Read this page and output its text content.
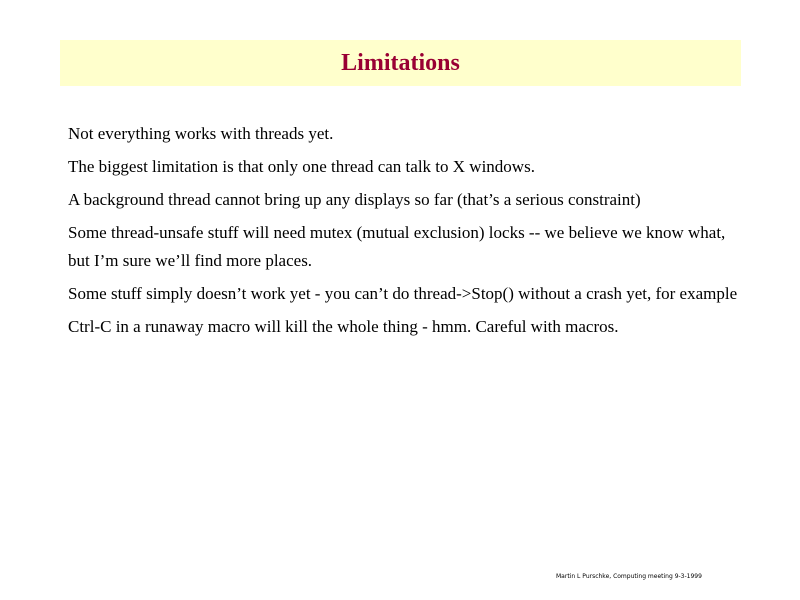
Limitations

Not everything works with threads yet.

The biggest limitation is that only one thread can talk to X windows.

A background thread cannot bring up any displays so far (that’s a serious constraint)

Some thread-unsafe stuff will need mutex (mutual exclusion) locks -- we believe we know what, but I’m sure we’ll find more places.

Some stuff simply doesn’t work yet - you can’t do thread->Stop() without a crash yet, for example

Ctrl-C in a runaway macro will kill the whole thing - hmm. Careful with macros.

Martin L Purschke, Computing meeting 9-3-1999
